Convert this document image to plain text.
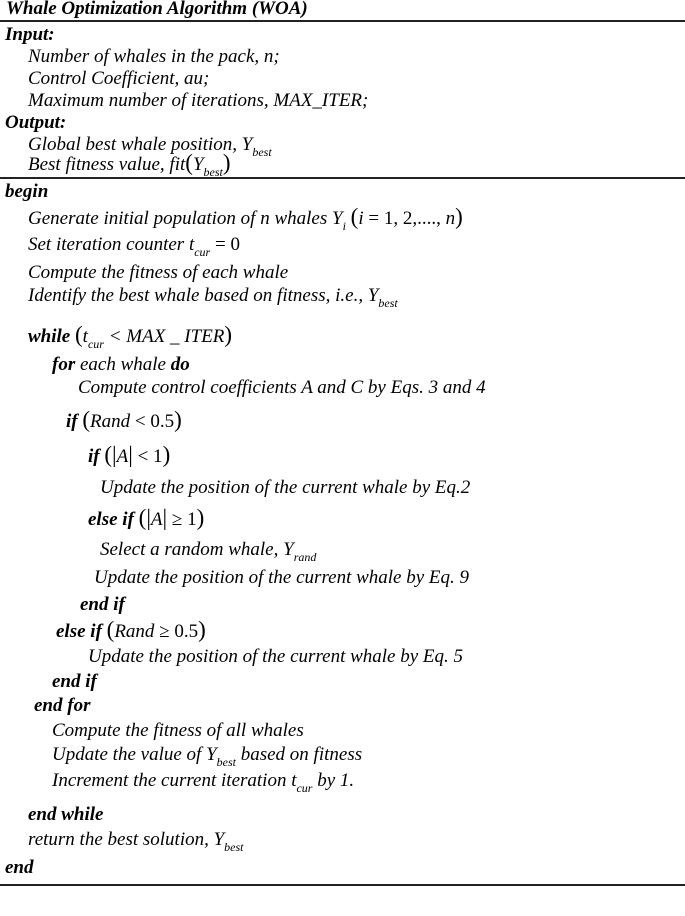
Whale Optimization Algorithm (WOA)
Input:
Number of whales in the pack, n;
Control Coefficient, au;
Maximum number of iterations, MAX_ITER;
Output:
Global best whale position, $Y_{best}$
Best fitness value, $fit(Y_{best})$
begin
Generate initial population of n whales $Y_i$ (i = 1, 2,...., n)
Set iteration counter $t_{cur} = 0$
Compute the fitness of each whale
Identify the best whale based on fitness, i.e., $Y_{best}$
while ($t_{cur}$ < MAX _ ITER)
for each whale do
Compute control coefficients A and C by Eqs. 3 and 4
if (Rand < 0.5)
if (|A| < 1)
Update the position of the current whale by Eq.2
else if (|A| ≥ 1)
Select a random whale, $Y_{rand}$
Update the position of the current whale by Eq. 9
end if
else if (Rand ≥ 0.5)
Update the position of the current whale by Eq. 5
end if
end for
Compute the fitness of all whales
Update the value of $Y_{best}$ based on fitness
Increment the current iteration $t_{cur}$ by 1.
end while
return the best solution, $Y_{best}$
end
